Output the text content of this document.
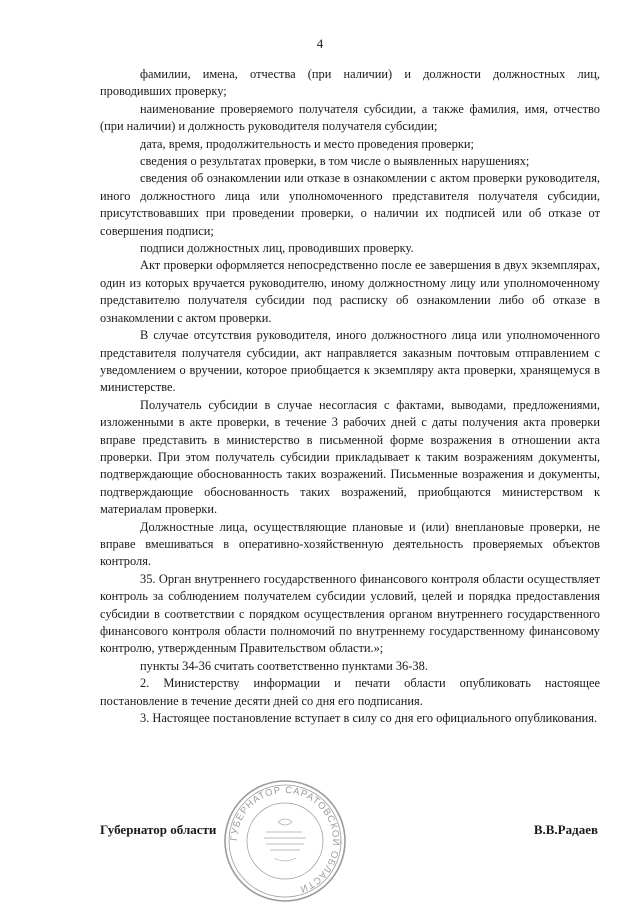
4

фамилии, имена, отчества (при наличии) и должности должностных лиц, проводивших проверку;

наименование проверяемого получателя субсидии, а также фамилия, имя, отчество (при наличии) и должность руководителя получателя субсидии;

дата, время, продолжительность и место проведения проверки;

сведения о результатах проверки, в том числе о выявленных нарушениях;

сведения об ознакомлении или отказе в ознакомлении с актом проверки руководителя, иного должностного лица или уполномоченного представителя получателя субсидии, присутствовавших при проведении проверки, о наличии их подписей или об отказе от совершения подписи;

подписи должностных лиц, проводивших проверку.

Акт проверки оформляется непосредственно после ее завершения в двух экземплярах, один из которых вручается руководителю, иному должностному лицу или уполномоченному представителю получателя субсидии под расписку об ознакомлении либо об отказе в ознакомлении с актом проверки.

В случае отсутствия руководителя, иного должностного лица или уполномоченного представителя получателя субсидии, акт направляется заказным почтовым отправлением с уведомлением о вручении, которое приобщается к экземпляру акта проверки, хранящемуся в министерстве.

Получатель субсидии в случае несогласия с фактами, выводами, предложениями, изложенными в акте проверки, в течение 3 рабочих дней с даты получения акта проверки вправе представить в министерство в письменной форме возражения в отношении акта проверки. При этом получатель субсидии прикладывает к таким возражениям документы, подтверждающие обоснованность таких возражений. Письменные возражения и документы, подтверждающие обоснованность таких возражений, приобщаются министерством к материалам проверки.

Должностные лица, осуществляющие плановые и (или) внеплановые проверки, не вправе вмешиваться в оперативно-хозяйственную деятельность проверяемых объектов контроля.

35. Орган внутреннего государственного финансового контроля области осуществляет контроль за соблюдением получателем субсидии условий, целей и порядка предоставления субсидии в соответствии с порядком осуществления органом внутреннего государственного финансового контроля области полномочий по внутреннему государственному финансовому контролю, утвержденным Правительством области.»;

пункты 34-36 считать соответственно пунктами 36-38.

2. Министерству информации и печати области опубликовать настоящее постановление в течение десяти дней со дня его подписания.

3. Настоящее постановление вступает в силу со дня его официального опубликования.

ГУБЕРНАТОР САРАТОВСКОЙ ОБЛАСТИ
Губернатор области	В.В.Радаев
